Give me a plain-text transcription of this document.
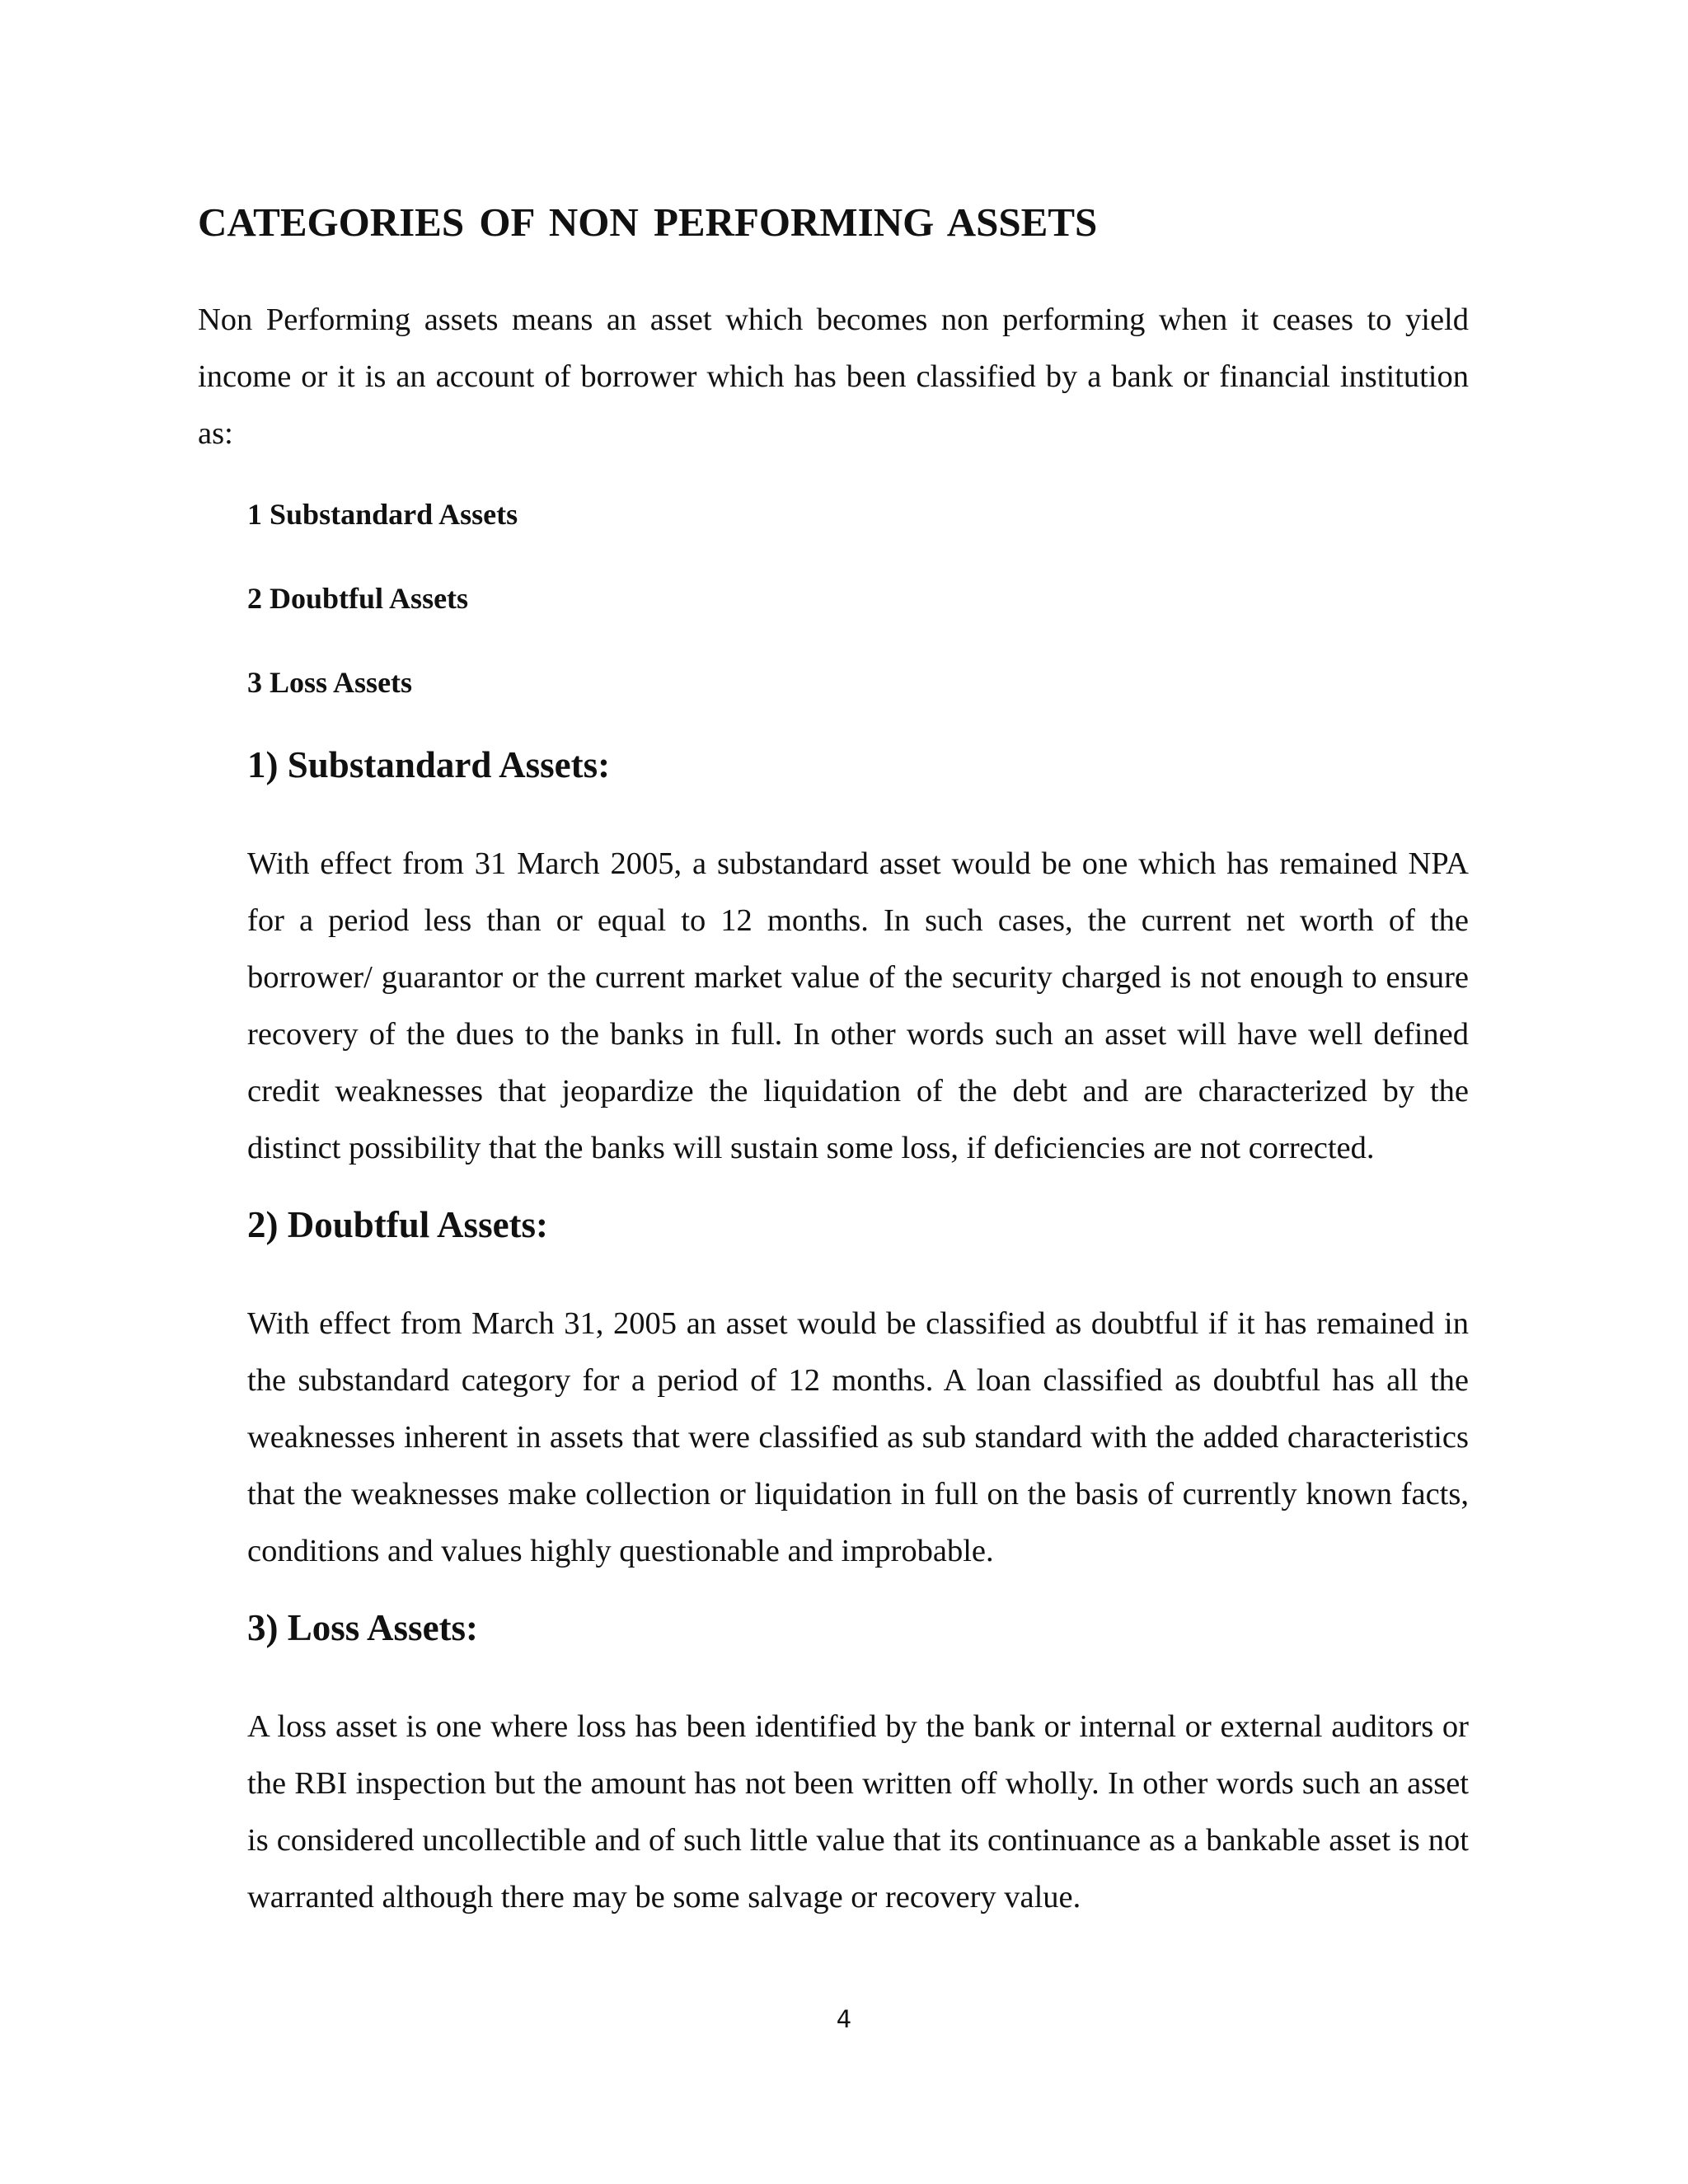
CATEGORIES OF NON PERFORMING ASSETS

Non Performing assets means an asset which becomes non performing when it ceases to yield income or it is an account of borrower which has been classified by a bank or financial institution as:

1 Substandard Assets

2 Doubtful Assets

3 Loss Assets

1) Substandard Assets:

With effect from 31 March 2005, a substandard asset would be one which has remained NPA for a period less than or equal to 12 months. In such cases, the current net worth of the borrower/ guarantor or the current market value of the security charged is not enough to ensure recovery of the dues to the banks in full. In other words such an asset will have well defined credit weaknesses that jeopardize the liquidation of the debt and are characterized by the distinct possibility that the banks will sustain some loss, if deficiencies are not corrected.

2) Doubtful Assets:

With effect from March 31, 2005 an asset would be classified as doubtful if it has remained in the substandard category for a period of 12 months. A loan classified as doubtful has all the weaknesses inherent in assets that were classified as sub standard with the added characteristics that the weaknesses make collection or liquidation in full on the basis of currently known facts, conditions and values highly questionable and improbable.

3) Loss Assets:

A loss asset is one where loss has been identified by the bank or internal or external auditors or the RBI inspection but the amount has not been written off wholly. In other words such an asset is considered uncollectible and of such little value that its continuance as a bankable asset is not warranted although there may be some salvage or recovery value.

4
